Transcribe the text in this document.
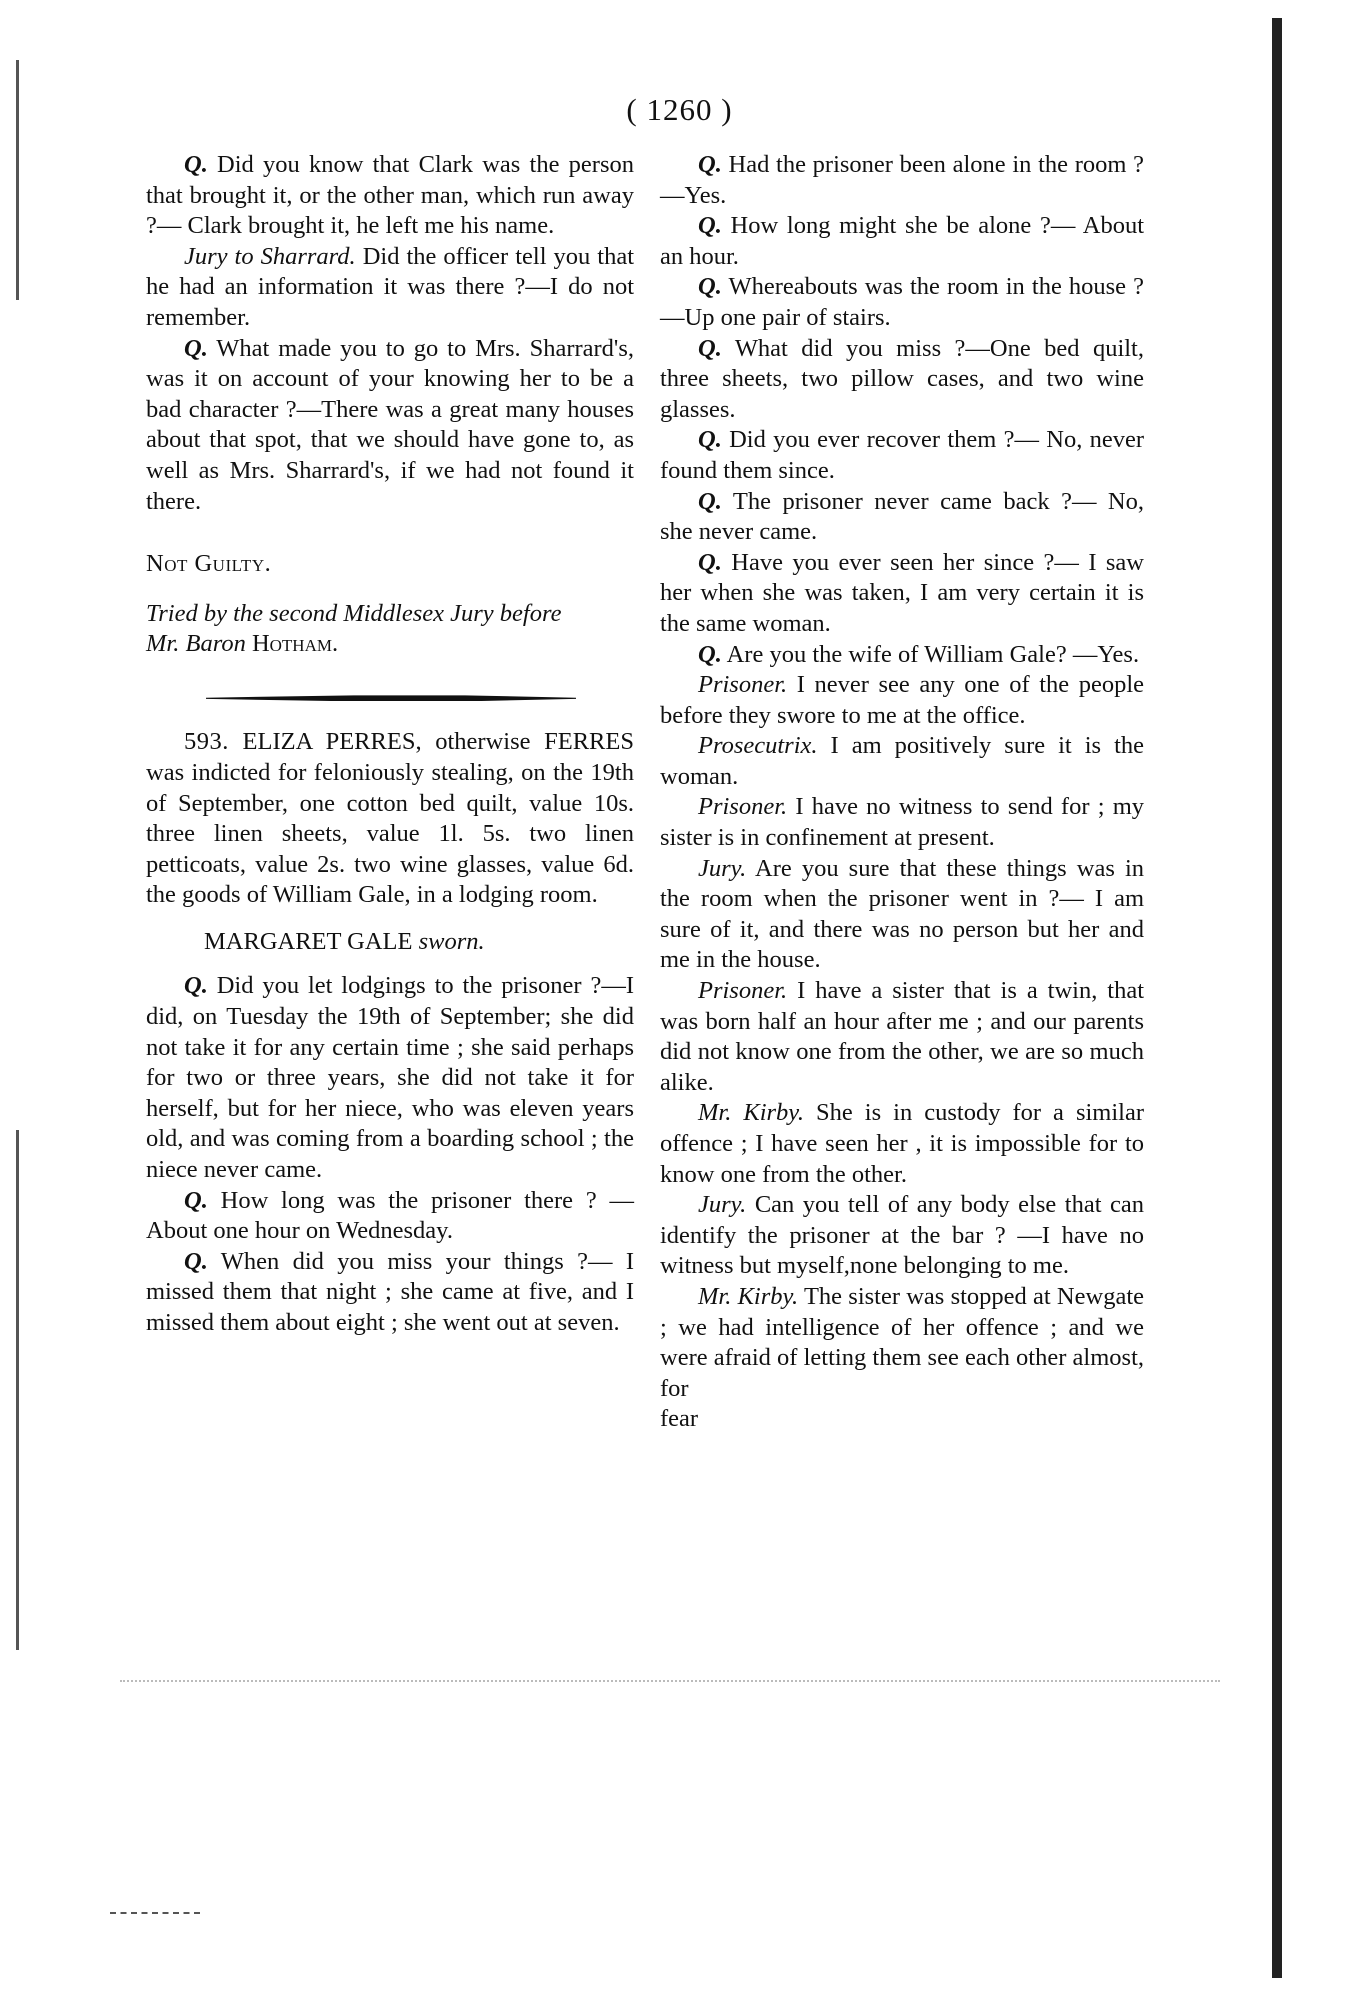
( 1260 )

Q. Did you know that Clark was the person that brought it, or the other man, which run away ?— Clark brought it, he left me his name.

Jury to Sharrard. Did the officer tell you that he had an information it was there ?—I do not remember.

Q. What made you to go to Mrs. Sharrard's, was it on account of your knowing her to be a bad character ?—There was a great many houses about that spot, that we should have gone to, as well as Mrs. Sharrard's, if we had not found it there.

Not Guilty.

Tried by the second Middlesex Jury before

Mr. Baron Hotham.

593. ELIZA PERRES, otherwise FERRES was indicted for feloniously stealing, on the 19th of September, one cotton bed quilt, value 10s. three linen sheets, value 1l. 5s. two linen petticoats, value 2s. two wine glasses, value 6d. the goods of William Gale, in a lodging room.

MARGARET GALE sworn.

Q. Did you let lodgings to the prisoner ?—I did, on Tuesday the 19th of September; she did not take it for any certain time ; she said perhaps for two or three years, she did not take it for herself, but for her niece, who was eleven years old, and was coming from a boarding school ; the niece never came.

Q. How long was the prisoner there ? — About one hour on Wednesday.

Q. When did you miss your things ?— I missed them that night ; she came at five, and I missed them about eight ; she went out at seven.

Q. Had the prisoner been alone in the room ?—Yes.

Q. How long might she be alone ?— About an hour.

Q. Whereabouts was the room in the house ? —Up one pair of stairs.

Q. What did you miss ?—One bed quilt, three sheets, two pillow cases, and two wine glasses.

Q. Did you ever recover them ?— No, never found them since.

Q. The prisoner never came back ?— No, she never came.

Q. Have you ever seen her since ?— I saw her when she was taken, I am very certain it is the same woman.

Q. Are you the wife of William Gale? —Yes.

Prisoner. I never see any one of the people before they swore to me at the office.

Prosecutrix. I am positively sure it is the woman.

Prisoner. I have no witness to send for ; my sister is in confinement at present.

Jury. Are you sure that these things was in the room when the prisoner went in ?— I am sure of it, and there was no person but her and me in the house.

Prisoner. I have a sister that is a twin, that was born half an hour after me ; and our parents did not know one from the other, we are so much alike.

Mr. Kirby. She is in custody for a similar offence ; I have seen her , it is impossible for to know one from the other.

Jury. Can you tell of any body else that can identify the prisoner at the bar ? —I have no witness but myself,none belonging to me.

Mr. Kirby. The sister was stopped at Newgate ; we had intelligence of her offence ; and we were afraid of letting them see each other almost, for

fear
